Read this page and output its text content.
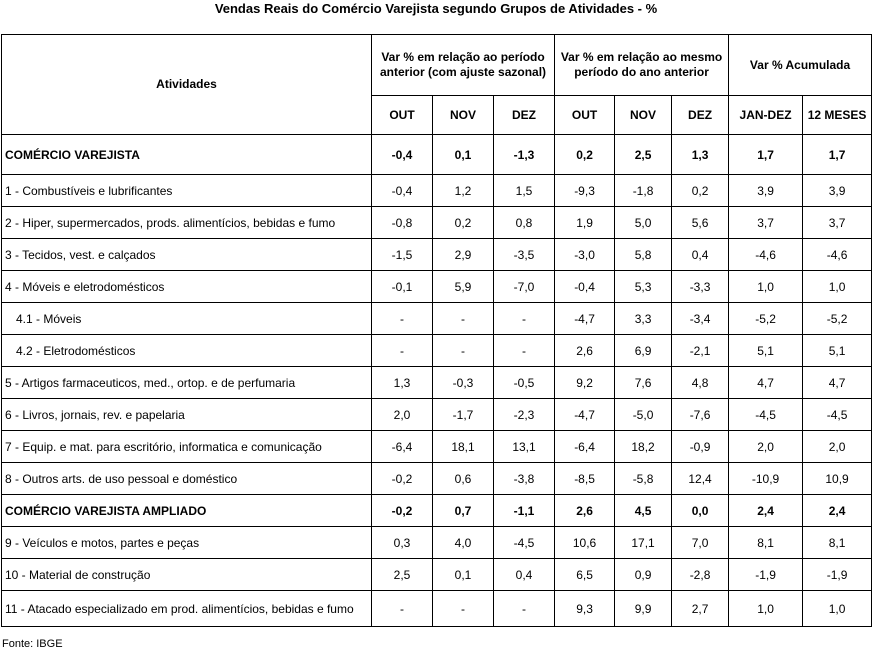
Vendas Reais do Comércio Varejista segundo Grupos de Atividades - %
Atividades	Var % em relação ao período anterior (com ajuste sazonal)			Var % em relação ao mesmo período do ano anterior			Var % Acumulada	
	OUT	NOV	DEZ	OUT	NOV	DEZ	JAN-DEZ	12 MESES
COMÉRCIO VAREJISTA	-0,4	0,1	-1,3	0,2	2,5	1,3	1,7	1,7
1 - Combustíveis e lubrificantes	-0,4	1,2	1,5	-9,3	-1,8	0,2	3,9	3,9
2 - Hiper, supermercados, prods. alimentícios, bebidas e fumo	-0,8	0,2	0,8	1,9	5,0	5,6	3,7	3,7
3 - Tecidos, vest. e calçados	-1,5	2,9	-3,5	-3,0	5,8	0,4	-4,6	-4,6
4 - Móveis e eletrodomésticos	-0,1	5,9	-7,0	-0,4	5,3	-3,3	1,0	1,0
4.1 - Móveis	-	-	-	-4,7	3,3	-3,4	-5,2	-5,2
4.2 - Eletrodomésticos	-	-	-	2,6	6,9	-2,1	5,1	5,1
5 - Artigos farmaceuticos, med., ortop. e de perfumaria	1,3	-0,3	-0,5	9,2	7,6	4,8	4,7	4,7
6 - Livros, jornais, rev. e papelaria	2,0	-1,7	-2,3	-4,7	-5,0	-7,6	-4,5	-4,5
7 - Equip. e mat. para escritório, informatica e comunicação	-6,4	18,1	13,1	-6,4	18,2	-0,9	2,0	2,0
8 - Outros arts. de uso pessoal e doméstico	-0,2	0,6	-3,8	-8,5	-5,8	12,4	-10,9	10,9
COMÉRCIO VAREJISTA AMPLIADO	-0,2	0,7	-1,1	2,6	4,5	0,0	2,4	2,4
9 - Veículos e motos, partes e peças	0,3	4,0	-4,5	10,6	17,1	7,0	8,1	8,1
10 - Material de construção	2,5	0,1	0,4	6,5	0,9	-2,8	-1,9	-1,9
11 - Atacado especializado em prod. alimentícios, bebidas e fumo	-	-	-	9,3	9,9	2,7	1,0	1,0
Fonte: IBGE
